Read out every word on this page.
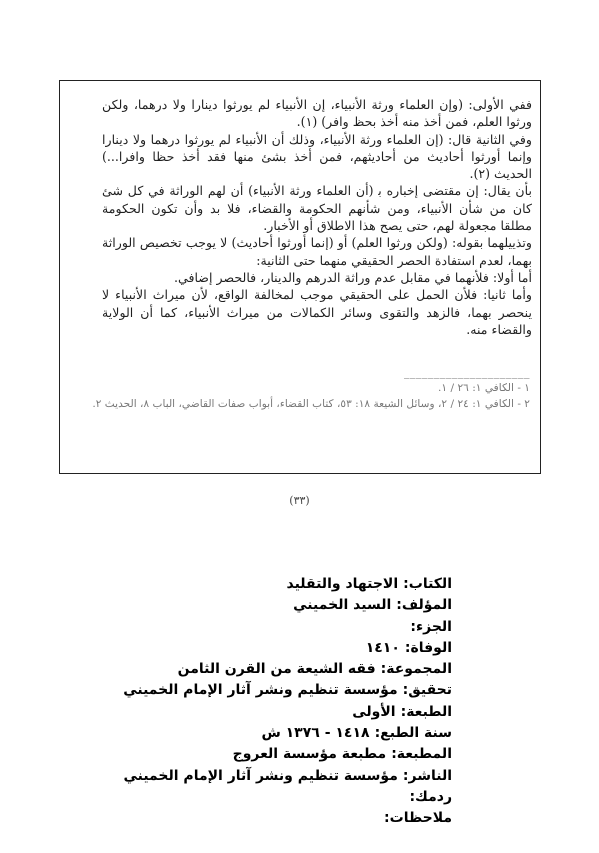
ففي الأولى: (وإن العلماء ورثة الأنبياء، إن الأنبياء لم يورثوا دينارا ولا درهما، ولكن ورثوا العلم، فمن أخذ منه أخذ بحظ وافر) (١).

وفي الثانية قال: (إن العلماء ورثة الأنبياء، وذلك أن الأنبياء لم يورثوا درهما ولا دينارا وإنما أورثوا أحاديث من أحاديثهم، فمن أخذ بشئ منها فقد أخذ حظا وافرا...) الحديث (٢).

بأن يقال: إن مقتضى إخباره ب‍ (أن العلماء ورثة الأنبياء) أن لهم الوراثة في كل شئ كان من شأن الأنبياء، ومن شأنهم الحكومة والقضاء، فلا بد وأن تكون الحكومة مطلقا مجعولة لهم، حتى يصح هذا الاطلاق أو الأخبار.

وتذييلهما بقوله: (ولكن ورثوا العلم) أو (إنما أورثوا أحاديث) لا يوجب تخصيص الوراثة بهما، لعدم استفادة الحصر الحقيقي منهما حتى الثانية:

أما أولا: فلأنهما في مقابل عدم وراثة الدرهم والدينار، فالحصر إضافي.

وأما ثانيا: فلأن الحمل على الحقيقي موجب لمخالفة الواقع، لأن ميراث الأنبياء لا ينحصر بهما، فالزهد والتقوى وسائر الكمالات من ميراث الأنبياء، كما أن الولاية والقضاء منه.

_____________________

١ - الكافي ١: ٢٦ / ١.

٢ - الكافي ١: ٢٤ / ٢، وسائل الشيعة ١٨: ٥٣، كتاب القضاء، أبواب صفات القاضي، الباب ٨، الحديث ٢.

(٣٣)
الكتاب:الاجتهاد والتقليد
المؤلف:السيد الخميني
الجزء:
الوفاة:١٤١٠
المجموعة:فقه الشيعة من القرن الثامن
تحقيق:مؤسسة تنظيم ونشر آثار الإمام الخميني
الطبعة:الأولى
سنة الطبع:١٤١٨ - ١٣٧٦ ش
المطبعة:مطبعة مؤسسة العروج
الناشر:مؤسسة تنظيم ونشر آثار الإمام الخميني
ردمك:
ملاحظات:
